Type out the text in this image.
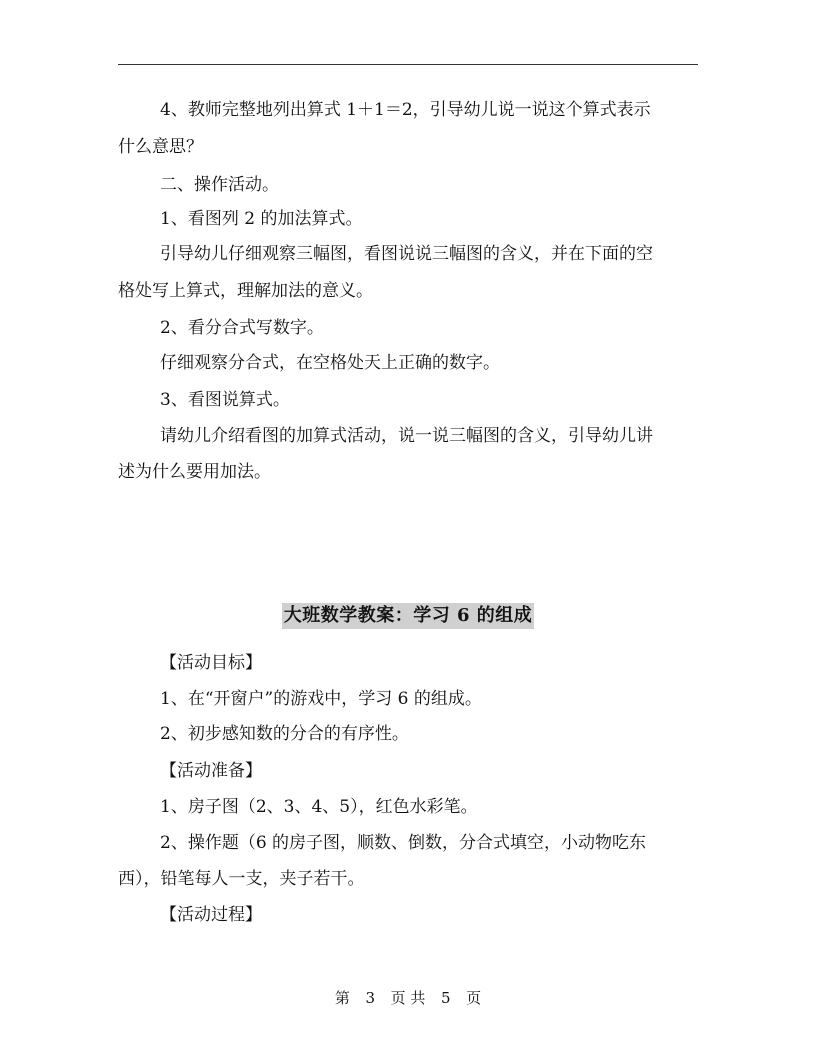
4、教师完整地列出算式 1＋1＝2，引导幼儿说一说这个算式表示
什么意思？
二、操作活动。
1、看图列 2 的加法算式。
引导幼儿仔细观察三幅图，看图说说三幅图的含义，并在下面的空
格处写上算式，理解加法的意义。
2、看分合式写数字。
仔细观察分合式，在空格处天上正确的数字。
3、看图说算式。
请幼儿介绍看图的加算式活动，说一说三幅图的含义，引导幼儿讲
述为什么要用加法。
大班数学教案：学习 6 的组成
【活动目标】
1、在“开窗户”的游戏中，学习 6 的组成。
2、初步感知数的分合的有序性。
【活动准备】
1、房子图（2、3、4、5），红色水彩笔。
2、操作题（6 的房子图，顺数、倒数，分合式填空，小动物吃东
西），铅笔每人一支，夹子若干。
【活动过程】
第 3 页 共 5 页
